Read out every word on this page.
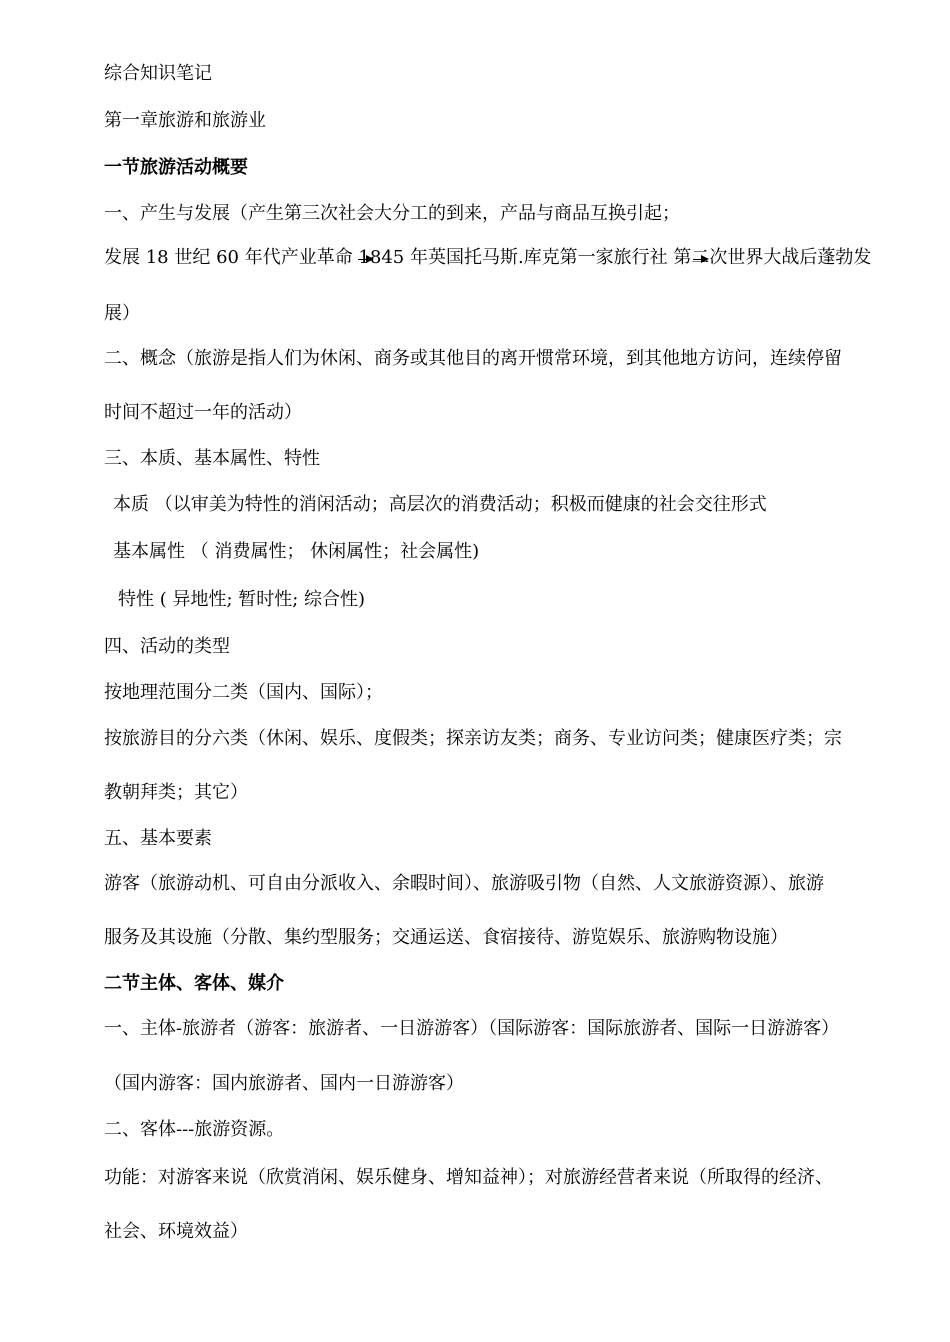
综合知识笔记

第一章旅游和旅游业

一节旅游活动概要

一、产生与发展（产生第三次社会大分工的到来，产品与商品互换引起；

发展 18 世纪 60 年代产业革命 1845 年英国托马斯.库克第一家旅行社 第二次世界大战后蓬勃发

展）

二、概念（旅游是指人们为休闲、商务或其他目的离开惯常环境，到其他地方访问，连续停留

时间不超过一年的活动）

三、本质、基本属性、特性

本质 （以审美为特性的消闲活动；高层次的消费活动；积极而健康的社会交往形式

基本属性 （ 消费属性； 休闲属性；社会属性)

特性 ( 异地性; 暂时性; 综合性)

四、活动的类型

按地理范围分二类（国内、国际）；

按旅游目的分六类（休闲、娱乐、度假类；探亲访友类；商务、专业访问类；健康医疗类；宗

教朝拜类；其它）

五、基本要素

游客（旅游动机、可自由分派收入、余暇时间）、旅游吸引物（自然、人文旅游资源）、旅游

服务及其设施（分散、集约型服务；交通运送、食宿接待、游览娱乐、旅游购物设施）

二节主体、客体、媒介

一、主体-旅游者（游客：旅游者、一日游游客）（国际游客：国际旅游者、国际一日游游客）

（国内游客：国内旅游者、国内一日游游客）

二、客体---旅游资源。

功能：对游客来说（欣赏消闲、娱乐健身、增知益神）；对旅游经营者来说（所取得的经济、

社会、环境效益）
